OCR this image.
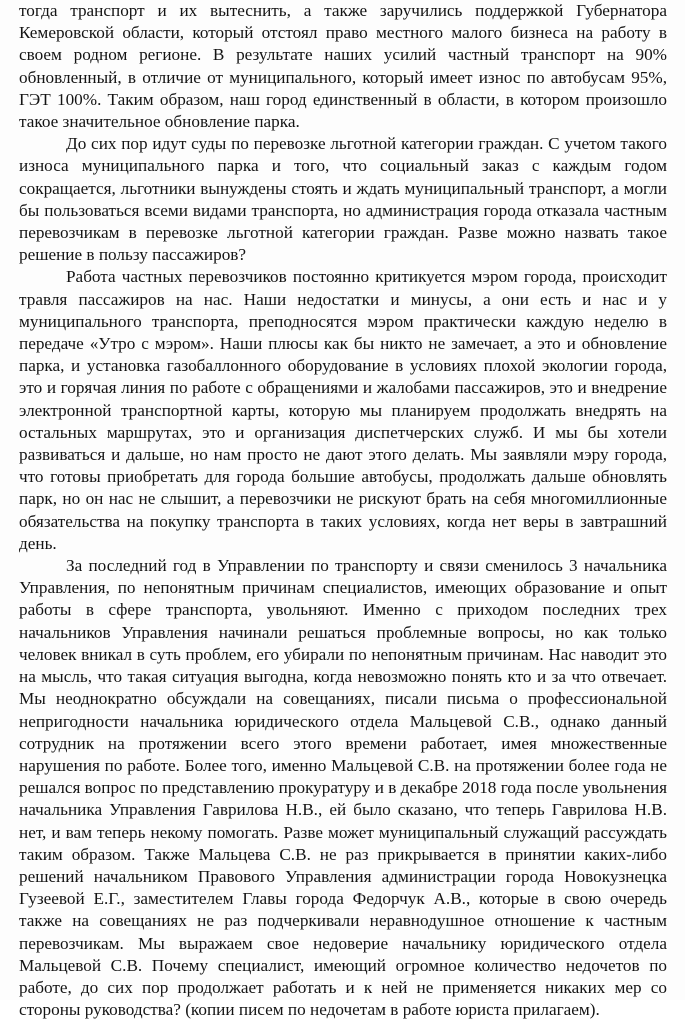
тогда транспорт и их вытеснить, а также заручились поддержкой Губернатора Кемеровской области, который отстоял право местного малого бизнеса на работу в своем родном регионе. В результате наших усилий частный транспорт на 90% обновленный, в отличие от муниципального, который имеет износ по автобусам 95%, ГЭТ 100%. Таким образом, наш город единственный в области, в котором произошло такое значительное обновление парка.

До сих пор идут суды по перевозке льготной категории граждан. С учетом такого износа муниципального парка и того, что социальный заказ с каждым годом сокращается, льготники вынуждены стоять и ждать муниципальный транспорт, а могли бы пользоваться всеми видами транспорта, но администрация города отказала частным перевозчикам в перевозке льготной категории граждан. Разве можно назвать такое решение в пользу пассажиров?

Работа частных перевозчиков постоянно критикуется мэром города, происходит травля пассажиров на нас. Наши недостатки и минусы, а они есть и нас и у муниципального транспорта, преподносятся мэром практически каждую неделю в передаче «Утро с мэром». Наши плюсы как бы никто не замечает, а это и обновление парка, и установка газобаллонного оборудование в условиях плохой экологии города, это и горячая линия по работе с обращениями и жалобами пассажиров, это и внедрение электронной транспортной карты, которую мы планируем продолжать внедрять на остальных маршрутах, это и организация диспетчерских служб. И мы бы хотели развиваться и дальше, но нам просто не дают этого делать. Мы заявляли мэру города, что готовы приобретать для города большие автобусы, продолжать дальше обновлять парк, но он нас не слышит, а перевозчики не рискуют брать на себя многомиллионные обязательства на покупку транспорта в таких условиях, когда нет веры в завтрашний день.

За последний год в Управлении по транспорту и связи сменилось 3 начальника Управления, по непонятным причинам специалистов, имеющих образование и опыт работы в сфере транспорта, увольняют. Именно с приходом последних трех начальников Управления начинали решаться проблемные вопросы, но как только человек вникал в суть проблем, его убирали по непонятным причинам. Нас наводит это на мысль, что такая ситуация выгодна, когда невозможно понять кто и за что отвечает. Мы неоднократно обсуждали на совещаниях, писали письма о профессиональной непригодности начальника юридического отдела Мальцевой С.В., однако данный сотрудник на протяжении всего этого времени работает, имея множественные нарушения по работе. Более того, именно Мальцевой С.В. на протяжении более года не решался вопрос по представлению прокуратуру и в декабре 2018 года после увольнения начальника Управления Гаврилова Н.В., ей было сказано, что теперь Гаврилова Н.В. нет, и вам теперь некому помогать. Разве может муниципальный служащий рассуждать таким образом. Также Мальцева С.В. не раз прикрывается в принятии каких-либо решений начальником Правового Управления администрации города Новокузнецка Гузеевой Е.Г., заместителем Главы города Федорчук А.В., которые в свою очередь также на совещаниях не раз подчеркивали неравнодушное отношение к частным перевозчикам. Мы выражаем свое недоверие начальнику юридического отдела Мальцевой С.В. Почему специалист, имеющий огромное количество недочетов по работе, до сих пор продолжает работать и к ней не применяется никаких мер со стороны руководства? (копии писем по недочетам в работе юриста прилагаем).
